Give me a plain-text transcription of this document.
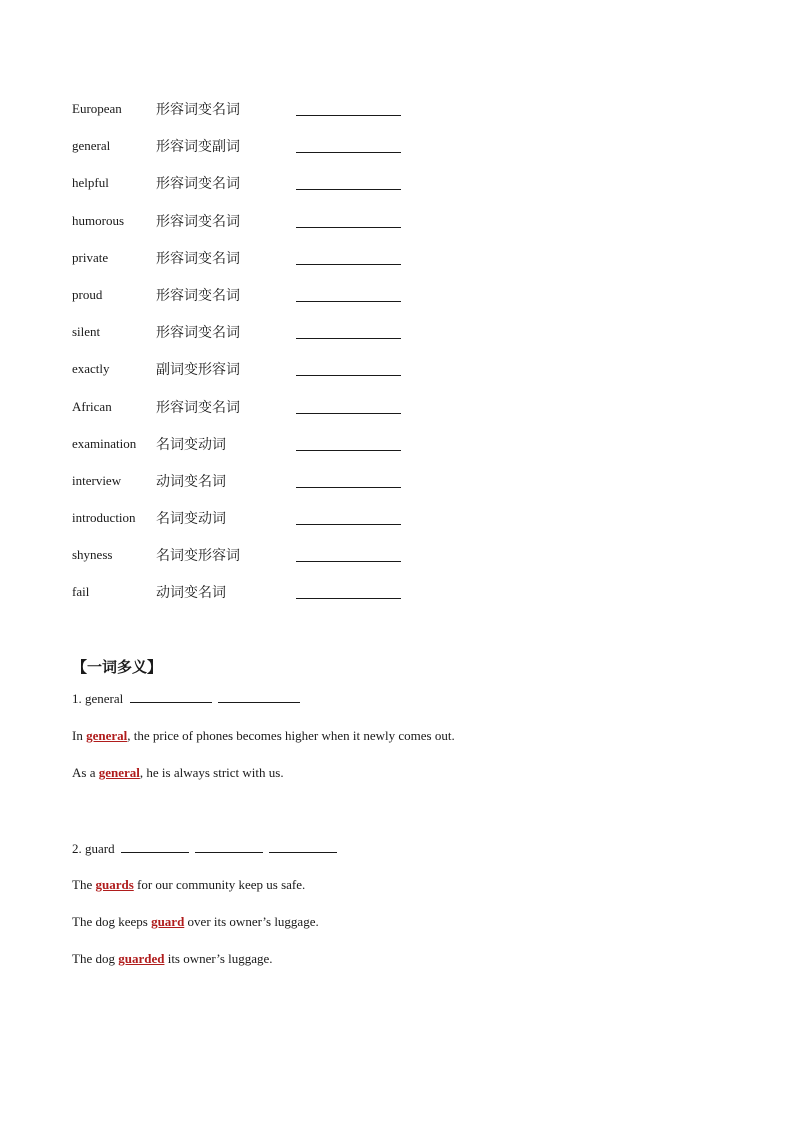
European 形容词变名词
general	形容词变副词
helpful	形容词变名词
humorous 形容词变名词
private	形容词变名词
proud	形容词变名词
silent	形容词变名词
exactly	副词变形容词
African	形容词变名词
examination 名词变动词
interview 动词变名词
introduction 名词变动词
shyness	名词变形容词
fail	动词变名词
【一词多义】
1. general
In general, the price of phones becomes higher when it newly comes out.
As a general, he is always strict with us.
2. guard
The guards for our community keep us safe.
The dog keeps guard over its owner’s luggage.
The dog guarded its owner’s luggage.
